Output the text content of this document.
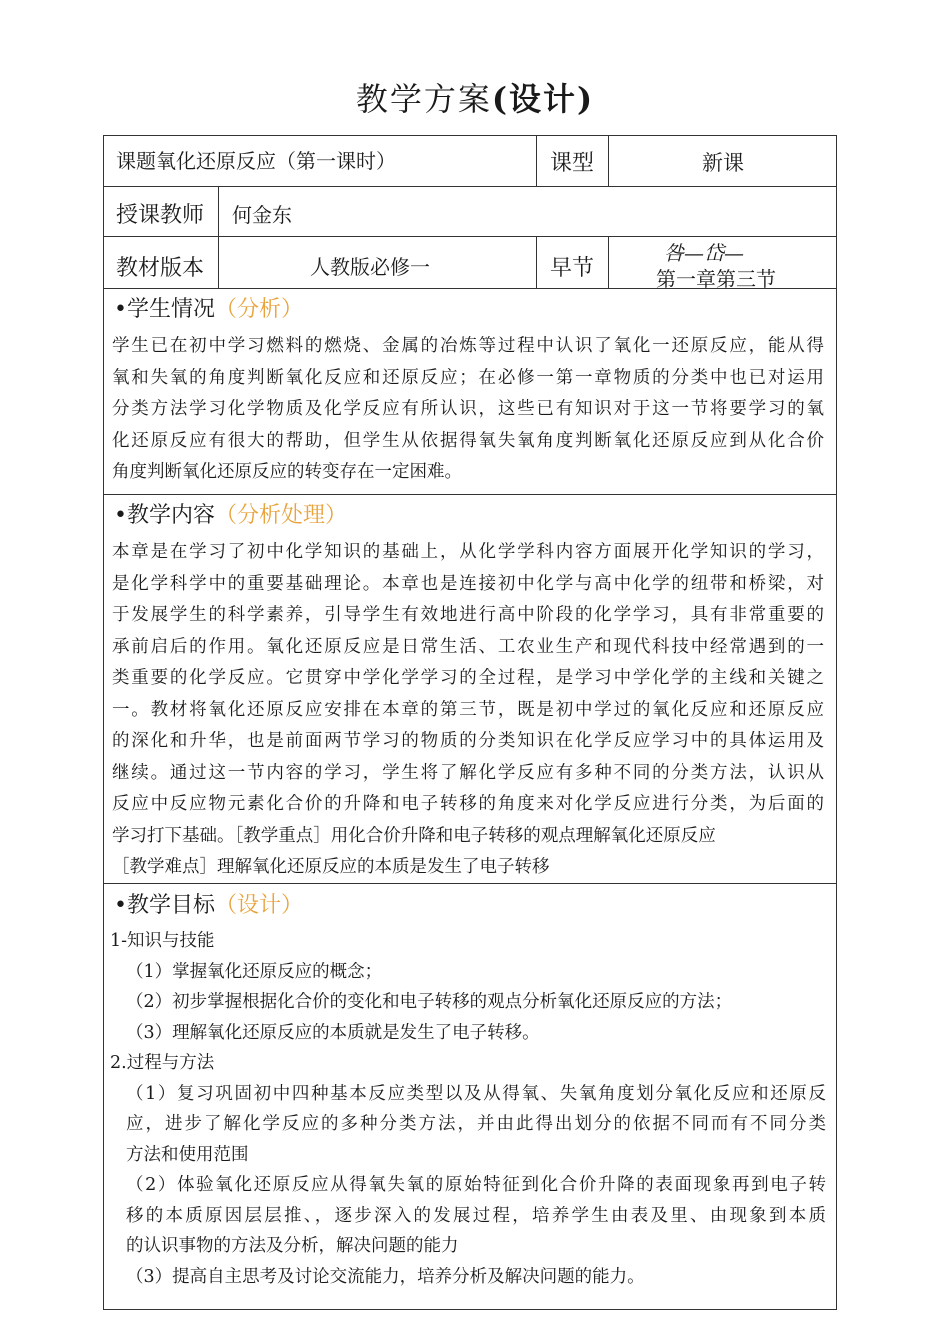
教学方案(设计)
课题氧化还原反应（第一课时）	课型	新课
授课教师 何金东
教材版本	人教版必修一	早节
咎—岱—
第一章第三节
•学生情况（分析）
学生已在初中学习燃料的燃烧、金属的冶炼等过程中认识了氧化一还原反应，能从得
氧和失氧的角度判断氧化反应和还原反应；在必修一第一章物质的分类中也已对运用
分类方法学习化学物质及化学反应有所认识，这些已有知识对于这一节将要学习的氧
化还原反应有很大的帮助，但学生从依据得氧失氧角度判断氧化还原反应到从化合价
角度判断氧化还原反应的转变存在一定困难。
•教学内容（分析处理）
本章是在学习了初中化学知识的基础上，从化学学科内容方面展开化学知识的学习，
是化学科学中的重要基础理论。本章也是连接初中化学与高中化学的纽带和桥梁，对
于发展学生的科学素养，引导学生有效地进行高中阶段的化学学习，具有非常重要的
承前启后的作用。氧化还原反应是日常生活、工农业生产和现代科技中经常遇到的一
类重要的化学反应。它贯穿中学化学学习的全过程，是学习中学化学的主线和关键之
一。教材将氧化还原反应安排在本章的第三节，既是初中学过的氧化反应和还原反应
的深化和升华，也是前面两节学习的物质的分类知识在化学反应学习中的具体运用及
继续。通过这一节内容的学习，学生将了解化学反应有多种不同的分类方法，认识从
反应中反应物元素化合价的升降和电子转移的角度来对化学反应进行分类，为后面的
学习打下基础。［教学重点］用化合价升降和电子转移的观点理解氧化还原反应
［教学难点］理解氧化还原反应的本质是发生了电子转移
•教学目标（设计）
1-知识与技能
（1）掌握氧化还原反应的概念；
（2）初步掌握根据化合价的变化和电子转移的观点分析氧化还原反应的方法；
（3）理解氧化还原反应的本质就是发生了电子转移。
2.过程与方法
（1）复习巩固初中四种基本反应类型以及从得氧、失氧角度划分氧化反应和还原反
应，进步了解化学反应的多种分类方法，并由此得出划分的依据不同而有不同分类
方法和使用范围
（2）体验氧化还原反应从得氧失氧的原始特征到化合价升降的表面现象再到电子转
移的本质原因层层推、，逐步深入的发展过程，培养学生由表及里、由现象到本质
的认识事物的方法及分析，解决问题的能力
（3）提高自主思考及讨论交流能力，培养分析及解决问题的能力。
